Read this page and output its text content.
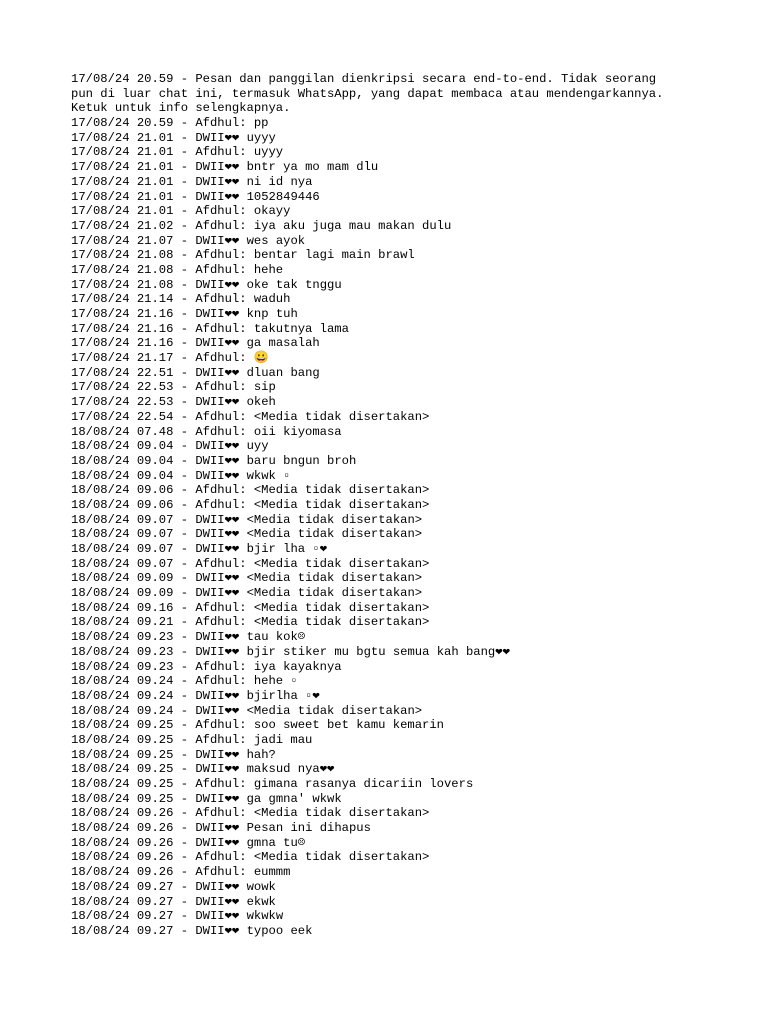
17/08/24 20.59 - Pesan dan panggilan dienkripsi secara end-to-end. Tidak seorang
pun di luar chat ini, termasuk WhatsApp, yang dapat membaca atau mendengarkannya.
Ketuk untuk info selengkapnya.
17/08/24 20.59 - Afdhul: pp
17/08/24 21.01 - DWII❤❤ uyyy
17/08/24 21.01 - Afdhul: uyyy
17/08/24 21.01 - DWII❤❤ bntr ya mo mam dlu
17/08/24 21.01 - DWII❤❤ ni id nya
17/08/24 21.01 - DWII❤❤ 1052849446
17/08/24 21.01 - Afdhul: okayy
17/08/24 21.02 - Afdhul: iya aku juga mau makan dulu
17/08/24 21.07 - DWII❤❤ wes ayok
17/08/24 21.08 - Afdhul: bentar lagi main brawl
17/08/24 21.08 - Afdhul: hehe
17/08/24 21.08 - DWII❤❤ oke tak tnggu
17/08/24 21.14 - Afdhul: waduh
17/08/24 21.16 - DWII❤❤ knp tuh
17/08/24 21.16 - Afdhul: takutnya lama
17/08/24 21.16 - DWII❤❤ ga masalah
17/08/24 21.17 - Afdhul: 😀
17/08/24 22.51 - DWII❤❤ dluan bang
17/08/24 22.53 - Afdhul: sip
17/08/24 22.53 - DWII❤❤ okeh
17/08/24 22.54 - Afdhul: <Media tidak disertakan>
18/08/24 07.48 - Afdhul: oii kiyomasa
18/08/24 09.04 - DWII❤❤ uyy
18/08/24 09.04 - DWII❤❤ baru bngun broh
18/08/24 09.04 - DWII❤❤ wkwk ▫
18/08/24 09.06 - Afdhul: <Media tidak disertakan>
18/08/24 09.06 - Afdhul: <Media tidak disertakan>
18/08/24 09.07 - DWII❤❤ <Media tidak disertakan>
18/08/24 09.07 - DWII❤❤ <Media tidak disertakan>
18/08/24 09.07 - DWII❤❤ bjir lha ▫❤
18/08/24 09.07 - Afdhul: <Media tidak disertakan>
18/08/24 09.09 - DWII❤❤ <Media tidak disertakan>
18/08/24 09.09 - DWII❤❤ <Media tidak disertakan>
18/08/24 09.16 - Afdhul: <Media tidak disertakan>
18/08/24 09.21 - Afdhul: <Media tidak disertakan>
18/08/24 09.23 - DWII❤❤ tau kok☹
18/08/24 09.23 - DWII❤❤ bjir stiker mu bgtu semua kah bang❤❤
18/08/24 09.23 - Afdhul: iya kayaknya
18/08/24 09.24 - Afdhul: hehe ▫
18/08/24 09.24 - DWII❤❤ bjirlha ▫❤
18/08/24 09.24 - DWII❤❤ <Media tidak disertakan>
18/08/24 09.25 - Afdhul: soo sweet bet kamu kemarin
18/08/24 09.25 - Afdhul: jadi mau
18/08/24 09.25 - DWII❤❤ hah?
18/08/24 09.25 - DWII❤❤ maksud nya❤❤
18/08/24 09.25 - Afdhul: gimana rasanya dicariin lovers
18/08/24 09.25 - DWII❤❤ ga gmna' wkwk
18/08/24 09.26 - Afdhul: <Media tidak disertakan>
18/08/24 09.26 - DWII❤❤ Pesan ini dihapus
18/08/24 09.26 - DWII❤❤ gmna tu☹
18/08/24 09.26 - Afdhul: <Media tidak disertakan>
18/08/24 09.26 - Afdhul: eummm
18/08/24 09.27 - DWII❤❤ wowk
18/08/24 09.27 - DWII❤❤ ekwk
18/08/24 09.27 - DWII❤❤ wkwkw
18/08/24 09.27 - DWII❤❤ typoo eek
